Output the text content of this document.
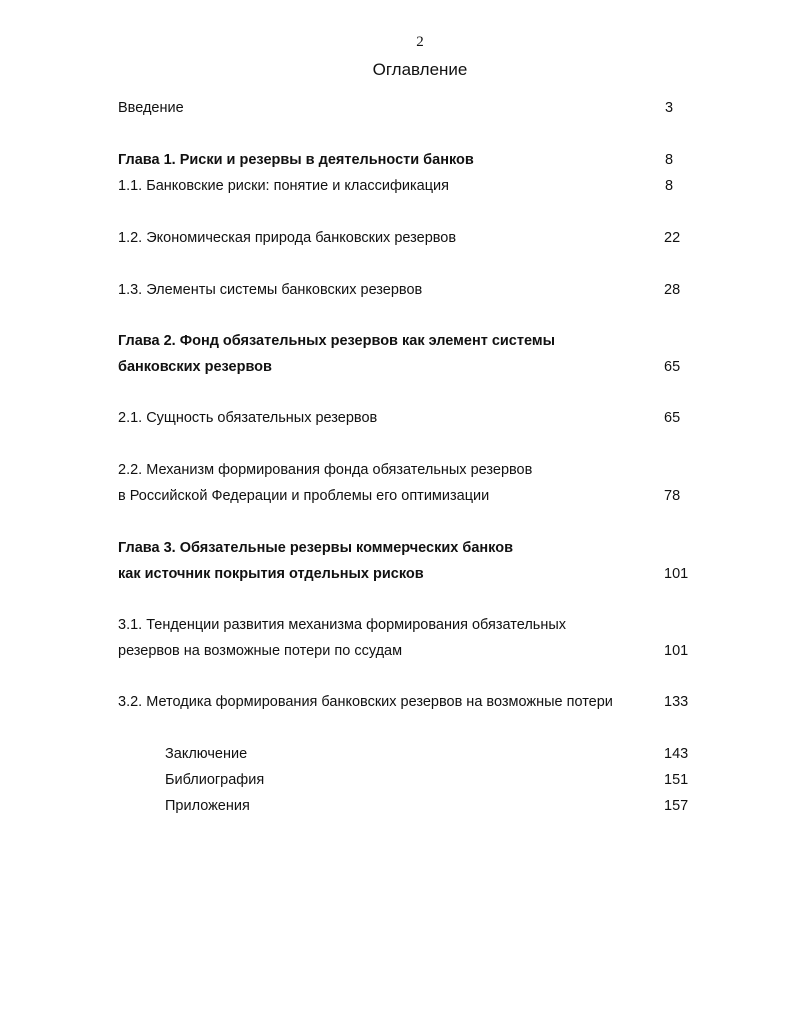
2
Оглавление
Введение	3
Глава 1. Риски и резервы в деятельности банков	8
1.1. Банковские риски: понятие и классификация	8
1.2. Экономическая природа банковских резервов	22
1.3. Элементы системы банковских резервов	28
Глава 2. Фонд обязательных резервов как элемент системы
банковских резервов	65
2.1. Сущность обязательных резервов	65
2.2. Механизм формирования фонда обязательных резервов
в Российской Федерации и проблемы его оптимизации	78
Глава 3. Обязательные резервы коммерческих банков
как источник покрытия отдельных рисков	101
3.1. Тенденции развития механизма формирования обязательных
резервов на возможные потери по ссудам	101
3.2. Методика формирования банковских резервов на возможные потери	133
Заключение	143
Библиография	151
Приложения	157
